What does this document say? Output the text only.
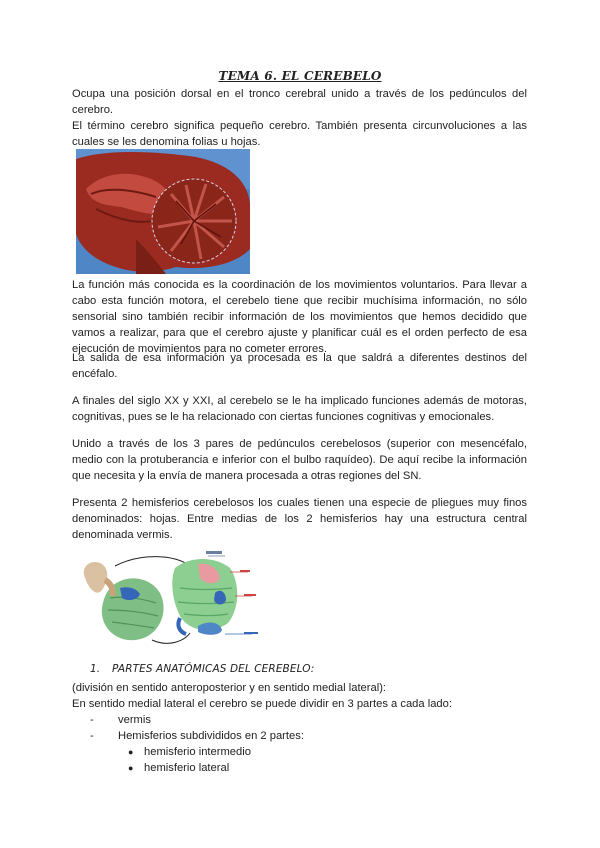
TEMA 6. EL CEREBELO

Ocupa una posición dorsal en el tronco cerebral unido a través de los pedúnculos del cerebro.

El término cerebro significa pequeño cerebro. También presenta circunvoluciones a las cuales se les denomina folias u hojas.

La función más conocida es la coordinación de los movimientos voluntarios. Para llevar a cabo esta función motora, el cerebelo tiene que recibir muchísima información, no sólo sensorial sino también recibir información de los movimientos que hemos decidido que vamos a realizar, para que el cerebro ajuste y planificar cuál es el orden perfecto de esa ejecución de movimientos para no cometer errores.

La salida de esa información ya procesada es la que saldrá a diferentes destinos del encéfalo.

A finales del siglo XX y XXI, al cerebelo se le ha implicado funciones además de motoras, cognitivas, pues se le ha relacionado con ciertas funciones cognitivas y emocionales.

Unido a través de los 3 pares de pedúnculos cerebelosos (superior con mesencéfalo, medio con la protuberancia e inferior con el bulbo raquídeo). De aquí recibe la información que necesita y la envía de manera procesada a otras regiones del SN.

Presenta 2 hemisferios cerebelosos los cuales tienen una especie de pliegues muy finos denominados: hojas. Entre medias de los 2 hemisferios hay una estructura central denominada vermis.

1. PARTES ANATÓMICAS DEL CEREBELO:
(división en sentido anteroposterior y en sentido medial lateral):
En sentido medial lateral el cerebro se puede dividir en 3 partes a cada lado:
- vermis
- Hemisferios subdivididos en 2 partes:
● hemisferio intermedio
● hemisferio lateral
